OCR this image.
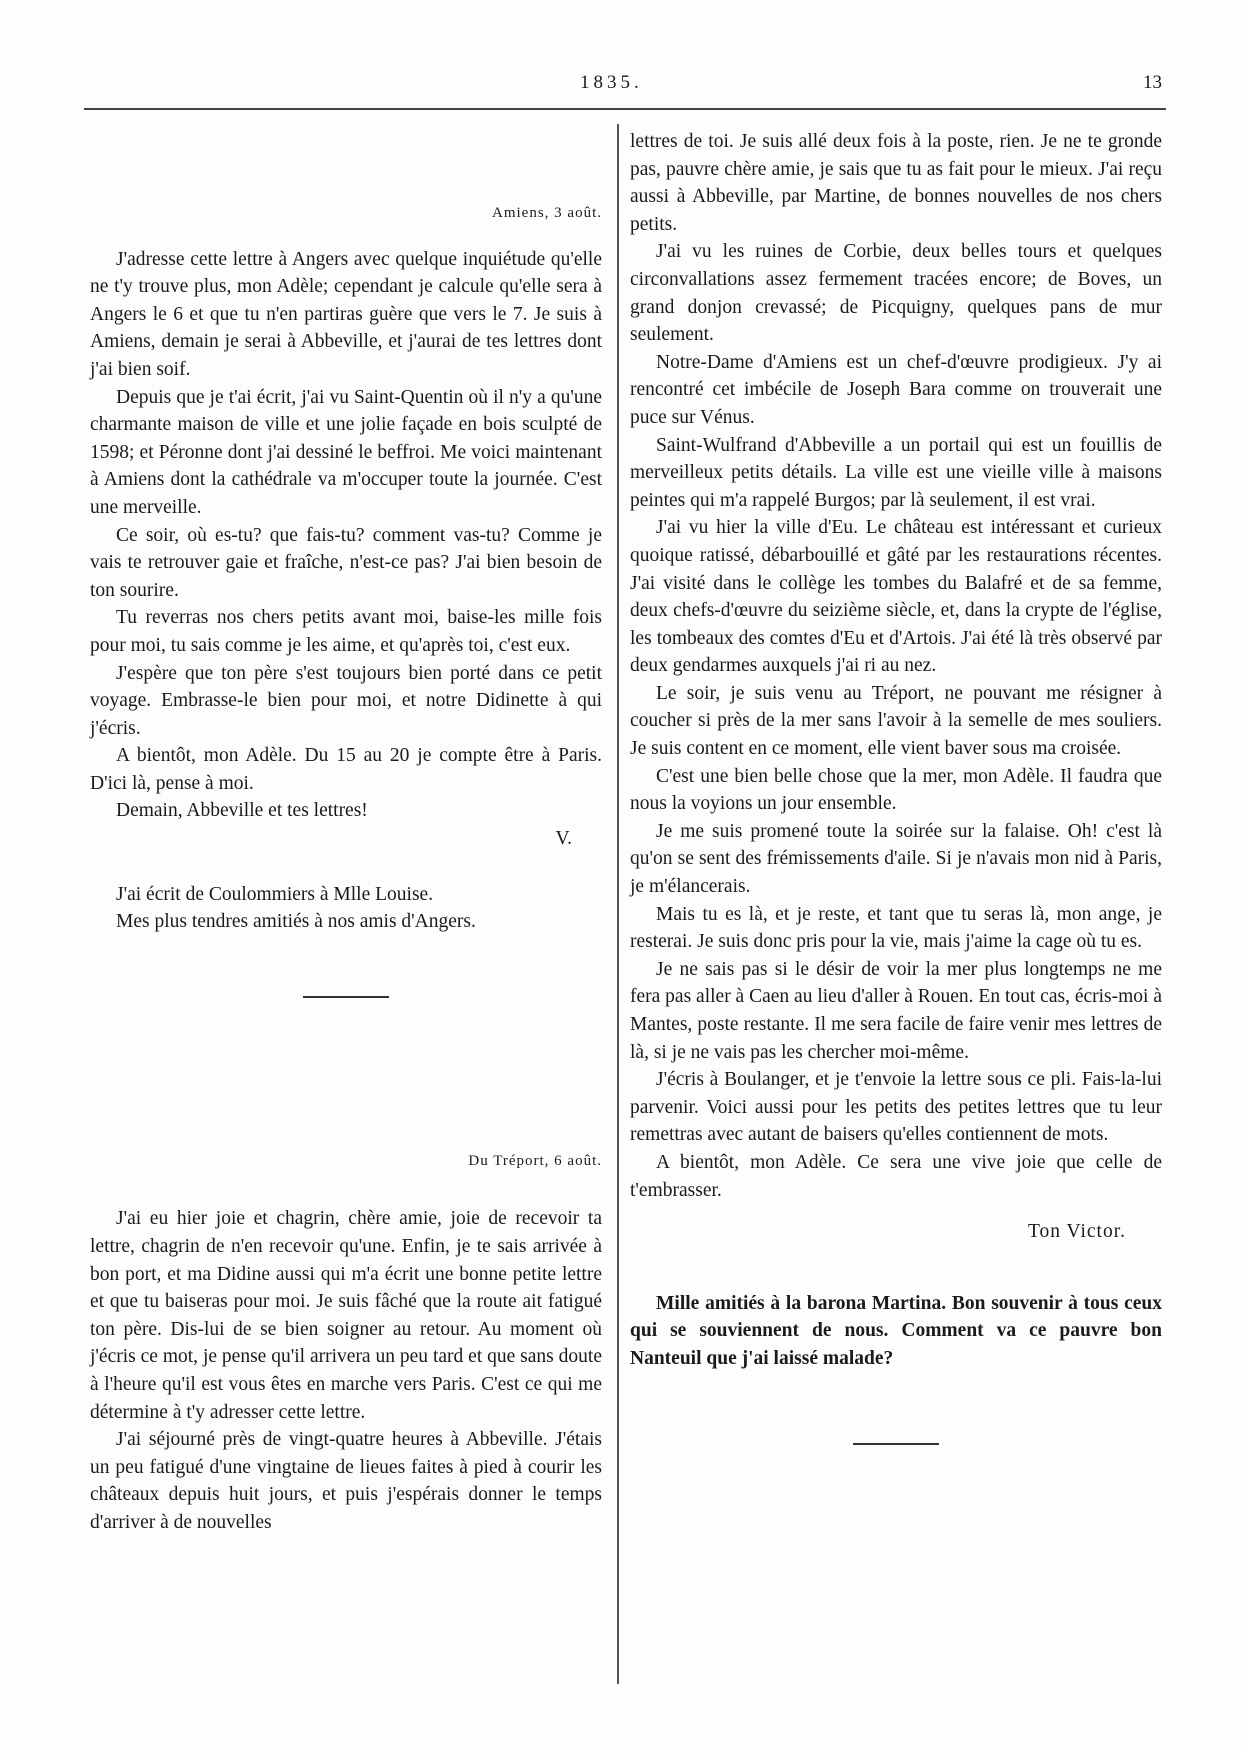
1835.	13

Amiens, 3 août.

J'adresse cette lettre à Angers avec quelque inquiétude qu'elle ne t'y trouve plus, mon Adèle; cependant je calcule qu'elle sera à Angers le 6 et que tu n'en partiras guère que vers le 7. Je suis à Amiens, demain je serai à Abbeville, et j'aurai de tes lettres dont j'ai bien soif.

Depuis que je t'ai écrit, j'ai vu Saint-Quentin où il n'y a qu'une charmante maison de ville et une jolie façade en bois sculpté de 1598; et Péronne dont j'ai dessiné le beffroi. Me voici maintenant à Amiens dont la cathédrale va m'occuper toute la journée. C'est une merveille.

Ce soir, où es-tu? que fais-tu? comment vas-tu? Comme je vais te retrouver gaie et fraîche, n'est-ce pas? J'ai bien besoin de ton sourire.

Tu reverras nos chers petits avant moi, baise-les mille fois pour moi, tu sais comme je les aime, et qu'après toi, c'est eux.

J'espère que ton père s'est toujours bien porté dans ce petit voyage. Embrasse-le bien pour moi, et notre Didinette à qui j'écris.

A bientôt, mon Adèle. Du 15 au 20 je compte être à Paris. D'ici là, pense à moi.

Demain, Abbeville et tes lettres!

V.

J'ai écrit de Coulommiers à Mlle Louise.

Mes plus tendres amitiés à nos amis d'Angers.

Du Tréport, 6 août.

J'ai eu hier joie et chagrin, chère amie, joie de recevoir ta lettre, chagrin de n'en recevoir qu'une. Enfin, je te sais arrivée à bon port, et ma Didine aussi qui m'a écrit une bonne petite lettre et que tu baiseras pour moi. Je suis fâché que la route ait fatigué ton père. Dis-lui de se bien soigner au retour. Au moment où j'écris ce mot, je pense qu'il arrivera un peu tard et que sans doute à l'heure qu'il est vous êtes en marche vers Paris. C'est ce qui me détermine à t'y adresser cette lettre.

J'ai séjourné près de vingt-quatre heures à Abbeville. J'étais un peu fatigué d'une vingtaine de lieues faites à pied à courir les châteaux depuis huit jours, et puis j'espérais donner le temps d'arriver à de nouvelles

lettres de toi. Je suis allé deux fois à la poste, rien. Je ne te gronde pas, pauvre chère amie, je sais que tu as fait pour le mieux. J'ai reçu aussi à Abbeville, par Martine, de bonnes nouvelles de nos chers petits.

J'ai vu les ruines de Corbie, deux belles tours et quelques circonvallations assez fermement tracées encore; de Boves, un grand donjon crevassé; de Picquigny, quelques pans de mur seulement.

Notre-Dame d'Amiens est un chef-d'œuvre prodigieux. J'y ai rencontré cet imbécile de Joseph Bara comme on trouverait une puce sur Vénus.

Saint-Wulfrand d'Abbeville a un portail qui est un fouillis de merveilleux petits détails. La ville est une vieille ville à maisons peintes qui m'a rappelé Burgos; par là seulement, il est vrai.

J'ai vu hier la ville d'Eu. Le château est intéressant et curieux quoique ratissé, débarbouillé et gâté par les restaurations récentes. J'ai visité dans le collège les tombes du Balafré et de sa femme, deux chefs-d'œuvre du seizième siècle, et, dans la crypte de l'église, les tombeaux des comtes d'Eu et d'Artois. J'ai été là très observé par deux gendarmes auxquels j'ai ri au nez.

Le soir, je suis venu au Tréport, ne pouvant me résigner à coucher si près de la mer sans l'avoir à la semelle de mes souliers. Je suis content en ce moment, elle vient baver sous ma croisée.

C'est une bien belle chose que la mer, mon Adèle. Il faudra que nous la voyions un jour ensemble.

Je me suis promené toute la soirée sur la falaise. Oh! c'est là qu'on se sent des frémissements d'aile. Si je n'avais mon nid à Paris, je m'élancerais.

Mais tu es là, et je reste, et tant que tu seras là, mon ange, je resterai. Je suis donc pris pour la vie, mais j'aime la cage où tu es.

Je ne sais pas si le désir de voir la mer plus longtemps ne me fera pas aller à Caen au lieu d'aller à Rouen. En tout cas, écris-moi à Mantes, poste restante. Il me sera facile de faire venir mes lettres de là, si je ne vais pas les chercher moi-même.

J'écris à Boulanger, et je t'envoie la lettre sous ce pli. Fais-la-lui parvenir. Voici aussi pour les petits des petites lettres que tu leur remettras avec autant de baisers qu'elles contiennent de mots.

A bientôt, mon Adèle. Ce sera une vive joie que celle de t'embrasser.

Ton Victor.

Mille amitiés à la barona Martina. Bon souvenir à tous ceux qui se souviennent de nous. Comment va ce pauvre bon Nanteuil que j'ai laissé malade?
